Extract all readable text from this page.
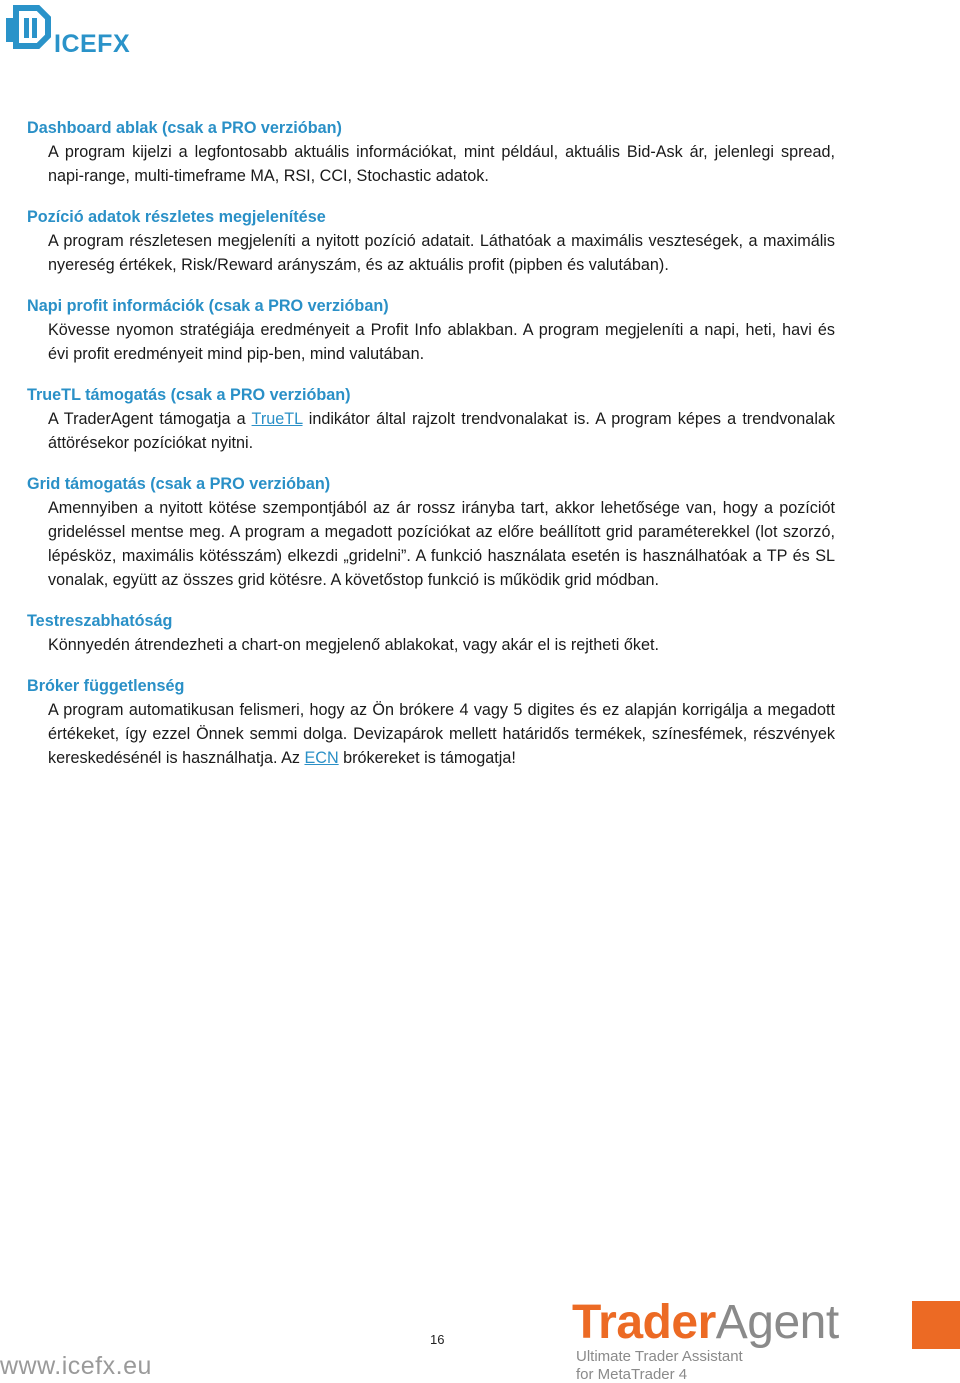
ICEFX
Dashboard ablak (csak a PRO verzióban)

A program kijelzi a legfontosabb aktuális információkat, mint például, aktuális Bid-Ask ár, jelenlegi spread, napi-range, multi-timeframe MA, RSI, CCI, Stochastic adatok.

Pozíció adatok részletes megjelenítése

A program részletesen megjeleníti a nyitott pozíció adatait. Láthatóak a maximális veszteségek, a maximális nyereség értékek, Risk/Reward arányszám, és az aktuális profit (pipben és valutában).

Napi profit információk (csak a PRO verzióban)

Kövesse nyomon stratégiája eredményeit a Profit Info ablakban. A program megjeleníti a napi, heti, havi és évi profit eredményeit mind pip-ben, mind valutában.

TrueTL támogatás (csak a PRO verzióban)

A TraderAgent támogatja a TrueTL indikátor által rajzolt trendvonalakat is. A program képes a trendvonalak áttörésekor pozíciókat nyitni.

Grid támogatás (csak a PRO verzióban)

Amennyiben a nyitott kötése szempontjából az ár rossz irányba tart, akkor lehetősége van, hogy a pozíciót grideléssel mentse meg. A program a megadott pozíciókat az előre beállított grid paraméterekkel (lot szorzó, lépésköz, maximális kötésszám) elkezdi „gridelni”. A funkció használata esetén is használhatóak a TP és SL vonalak, együtt az összes grid kötésre. A követőstop funkció is működik grid módban.

Testreszabhatóság

Könnyedén átrendezheti a chart-on megjelenő ablakokat, vagy akár el is rejtheti őket.

Bróker függetlenség

A program automatikusan felismeri, hogy az Ön brókere 4 vagy 5 digites és ez alapján korrigálja a megadott értékeket, így ezzel Önnek semmi dolga. Devizapárok mellett határidős termékek, színesfémek, részvények kereskedésénél is használhatja. Az ECN brókereket is támogatja!

16
www.icefx.eu
TraderAgent
Ultimate Trader Assistant
for MetaTrader 4
